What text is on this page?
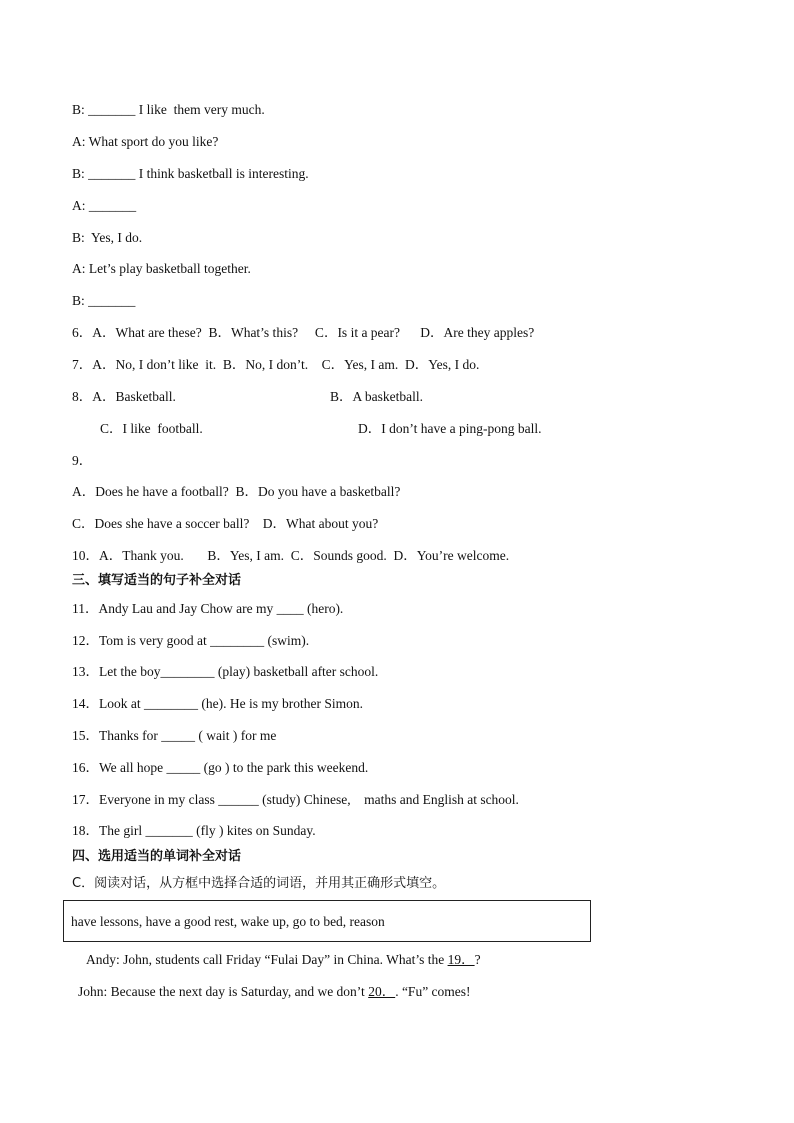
B: _______ I like  them very much.
A: What sport do you like?
B: _______ I think basketball is interesting.
A: _______
B:  Yes, I do.
A: Let’s play basketball together.
B: _______
6．A．What are these?  B．What’s this?     C．Is it a pear?      D．Are they apples?
7．A．No, I don’t like  it.  B．No, I don’t.    C．Yes, I am.  D．Yes, I do.
8．A．Basketball.	B．A basketball.
C．I like  football.	D．I don’t have a ping-pong ball.
9．
A．Does he have a football?  B．Do you have a basketball?
C．Does she have a soccer ball?    D．What about you?
10．A．Thank you.       B．Yes, I am.  C．Sounds good.  D．You’re welcome.
三、填写适当的句子补全对话
11．Andy Lau and Jay Chow are my ____ (hero).
12．Tom is very good at ________ (swim).
13．Let the boy________ (play) basketball after school.
14．Look at ________ (he). He is my brother Simon.
15．Thanks for _____ ( wait ) for me
16．We all hope _____ (go ) to the park this weekend.
17．Everyone in my class ______ (study) Chinese,    maths and English at school.
18．The girl _______ (fly ) kites on Sunday.
四、选用适当的单词补全对话
C．阅读对话，从方框中选择合适的词语，并用其正确形式填空。
have lessons, have a good rest, wake up, go to bed, reason
Andy: John, students call Friday “Fulai Day” in China. What’s the 19．?
John: Because the next day is Saturday, and we don’t 20．. “Fu” comes!
